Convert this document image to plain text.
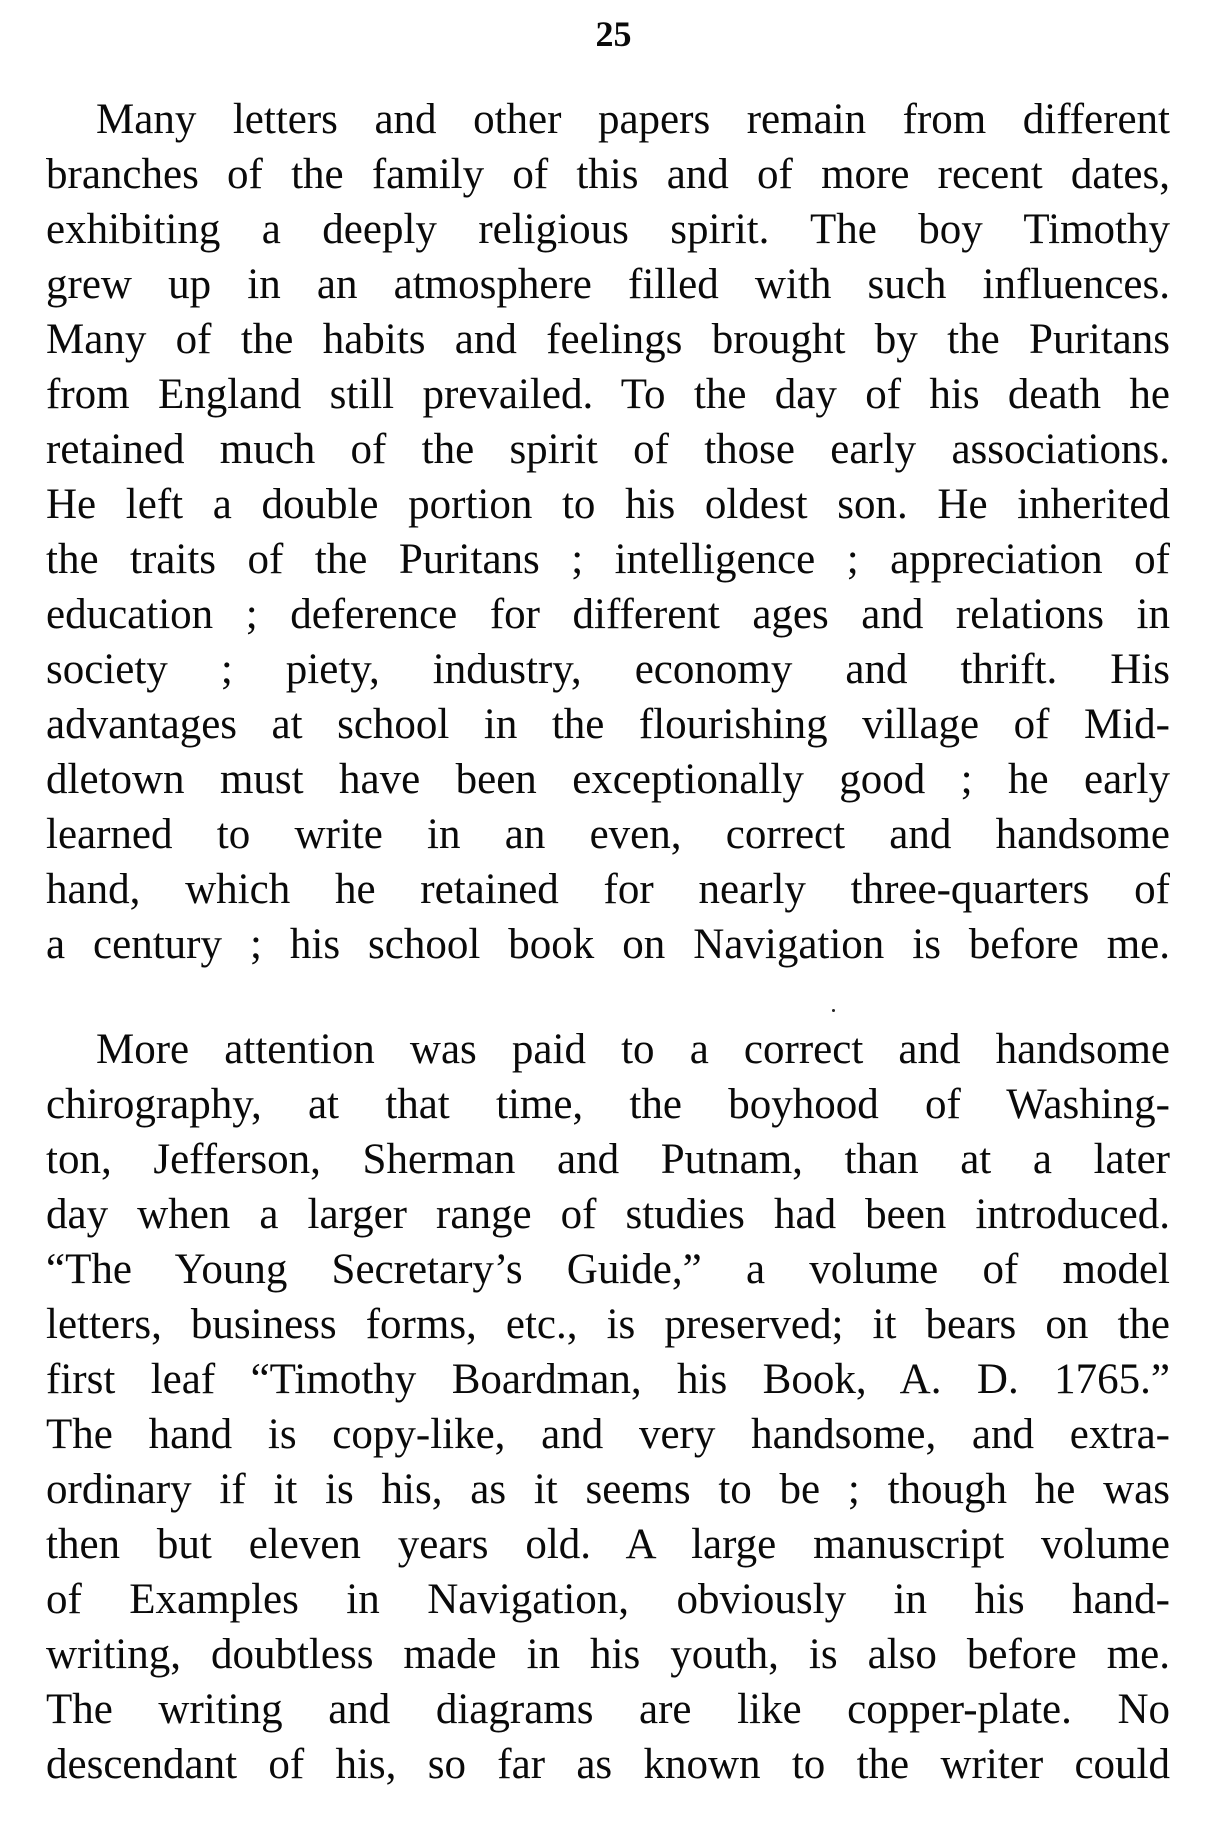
25
Many letters and other papers remain from different
branches of the family of this and of more recent dates,
exhibiting a deeply religious spirit. The boy Timothy
grew up in an atmosphere filled with such influences.
Many of the habits and feelings brought by the Puritans
from England still prevailed. To the day of his death he
retained much of the spirit of those early associations.
He left a double portion to his oldest son. He inherited
the traits of the Puritans ; intelligence ; appreciation of
education ; deference for different ages and relations in
society ; piety, industry, economy and thrift. His
advantages at school in the flourishing village of Mid-
dletown must have been exceptionally good ; he early
learned to write in an even, correct and handsome
hand, which he retained for nearly three-quarters of
a century ; his school book on Navigation is before me.
More attention was paid to a correct and handsome
chirography, at that time, the boyhood of Washing-
ton, Jefferson, Sherman and Putnam, than at a later
day when a larger range of studies had been introduced.
“The Young Secretary’s Guide,” a volume of model
letters, business forms, etc., is preserved; it bears on the
first leaf “Timothy Boardman, his Book, A. D. 1765.”
The hand is copy-like, and very handsome, and extra-
ordinary if it is his, as it seems to be ; though he was
then but eleven years old. A large manuscript volume
of Examples in Navigation, obviously in his hand-
writing, doubtless made in his youth, is also before me.
The writing and diagrams are like copper-plate. No
descendant of his, so far as known to the writer could
